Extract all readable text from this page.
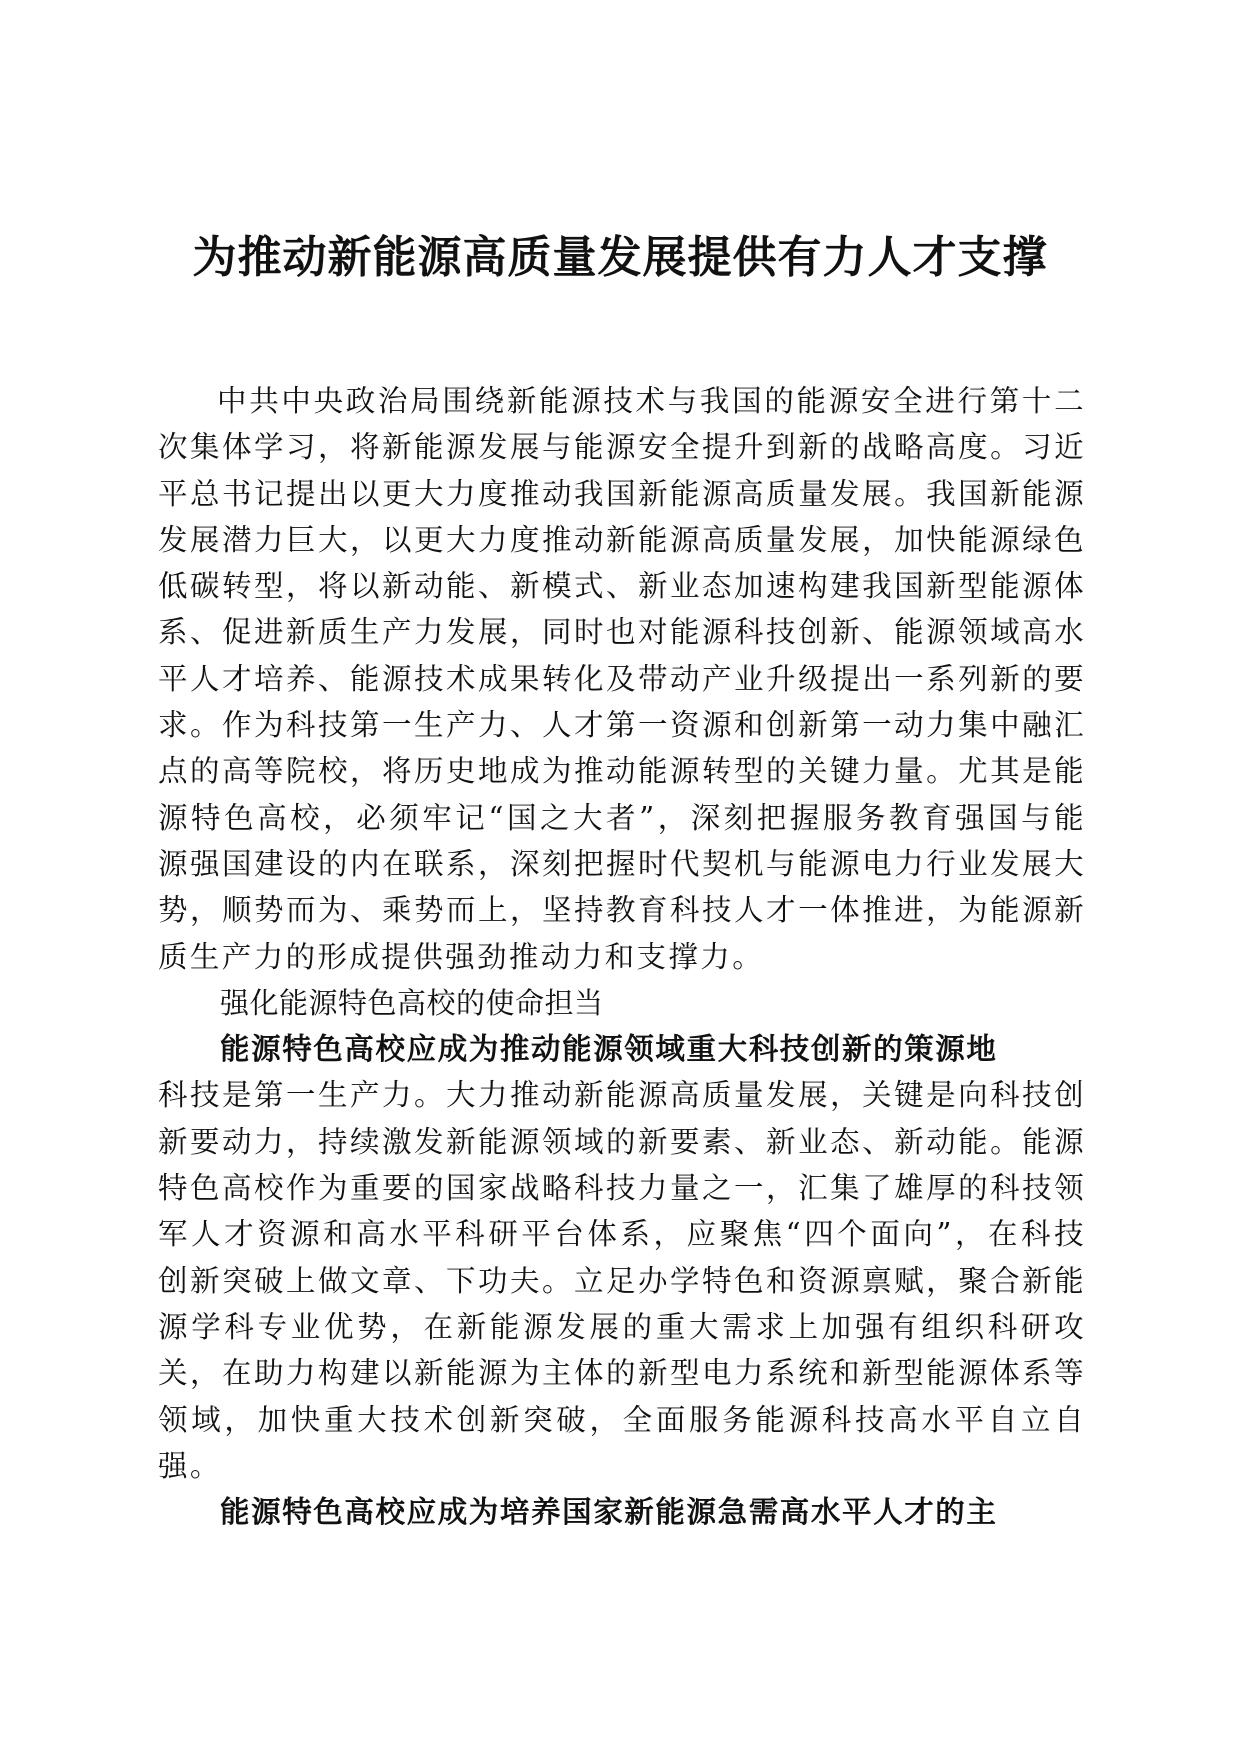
为推动新能源高质量发展提供有力人才支撑

中共中央政治局围绕新能源技术与我国的能源安全进行第十二次集体学习，将新能源发展与能源安全提升到新的战略高度。习近平总书记提出以更大力度推动我国新能源高质量发展。我国新能源发展潜力巨大，以更大力度推动新能源高质量发展，加快能源绿色低碳转型，将以新动能、新模式、新业态加速构建我国新型能源体系、促进新质生产力发展，同时也对能源科技创新、能源领域高水平人才培养、能源技术成果转化及带动产业升级提出一系列新的要求。作为科技第一生产力、人才第一资源和创新第一动力集中融汇点的高等院校，将历史地成为推动能源转型的关键力量。尤其是能源特色高校，必须牢记“国之大者”，深刻把握服务教育强国与能源强国建设的内在联系，深刻把握时代契机与能源电力行业发展大势，顺势而为、乘势而上，坚持教育科技人才一体推进，为能源新质生产力的形成提供强劲推动力和支撑力。

强化能源特色高校的使命担当

能源特色高校应成为推动能源领域重大科技创新的策源地

科技是第一生产力。大力推动新能源高质量发展，关键是向科技创新要动力，持续激发新能源领域的新要素、新业态、新动能。能源特色高校作为重要的国家战略科技力量之一，汇集了雄厚的科技领军人才资源和高水平科研平台体系，应聚焦“四个面向”，在科技创新突破上做文章、下功夫。立足办学特色和资源禀赋，聚合新能源学科专业优势，在新能源发展的重大需求上加强有组织科研攻关，在助力构建以新能源为主体的新型电力系统和新型能源体系等领域，加快重大技术创新突破，全面服务能源科技高水平自立自强。

能源特色高校应成为培养国家新能源急需高水平人才的主
